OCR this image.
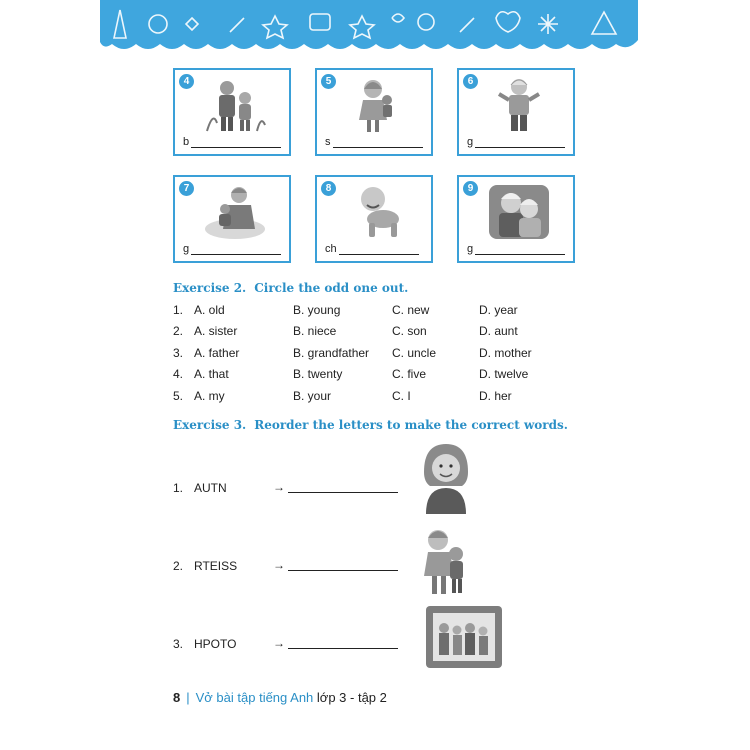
4
b
5
s
6
g
7
g
8
ch
9
g
Exercise 2. Circle the odd one out.
1. A. old	B. young	C. new	D. year
2. A. sister	B. niece	C. son	D. aunt
3. A. father	B. grandfather C. uncle	D. mother
4. A. that	B. twenty	C. five	D. twelve
5. A. my	B. your	C. I	D. her
Exercise 3. Reorder the letters to make the correct words.
1. AUTN	→
2. RTEISS	→
3. HPOTO	→
8 | Vở bài tập tiếng Anh lớp 3 - tập 2
